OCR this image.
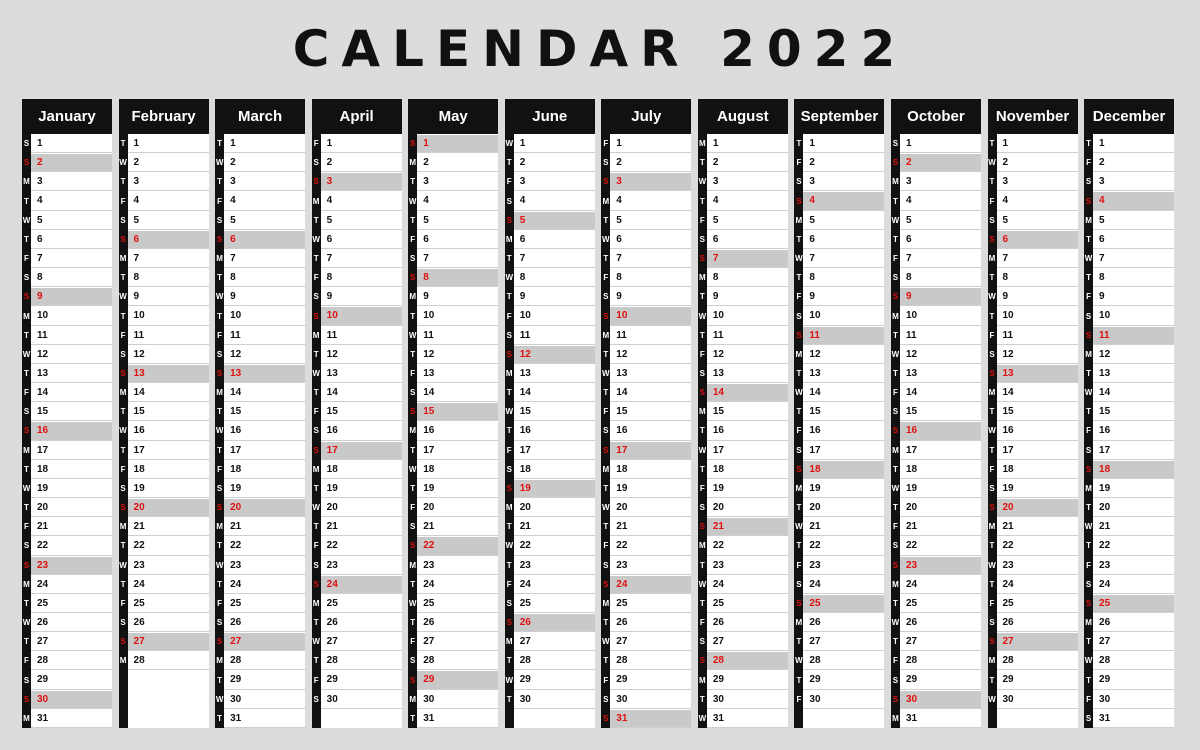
CALENDAR 2022
January
S 1
S 2
M 3
T 4
W 5
T 6
F 7
S 8
S 9
M 10
T 11
W 12
T 13
F 14
S 15
S 16
M 17
T 18
W 19
T 20
F 21
S 22
S 23
M 24
T 25
W 26
T 27
F 28
S 29
S 30
M 31
February
T 1
W 2
T 3
F 4
S 5
S 6
M 7
T 8
W 9
T 10
F 11
S 12
S 13
M 14
T 15
W 16
T 17
F 18
S 19
S 20
M 21
T 22
W 23
T 24
F 25
S 26
S 27
M 28
March
T 1
W 2
T 3
F 4
S 5
S 6
M 7
T 8
W 9
T 10
F 11
S 12
S 13
M 14
T 15
W 16
T 17
F 18
S 19
S 20
M 21
T 22
W 23
T 24
F 25
S 26
S 27
M 28
T 29
W 30
T 31
April
F 1
S 2
S 3
M 4
T 5
W 6
T 7
F 8
S 9
S 10
M 11
T 12
W 13
T 14
F 15
S 16
S 17
M 18
T 19
W 20
T 21
F 22
S 23
S 24
M 25
T 26
W 27
T 28
F 29
S 30
May
S 1
M 2
T 3
W 4
T 5
F 6
S 7
S 8
M 9
T 10
W 11
T 12
F 13
S 14
S 15
M 16
T 17
W 18
T 19
F 20
S 21
S 22
M 23
T 24
W 25
T 26
F 27
S 28
S 29
M 30
T 31
June
W 1
T 2
F 3
S 4
S 5
M 6
T 7
W 8
T 9
F 10
S 11
S 12
M 13
T 14
W 15
T 16
F 17
S 18
S 19
M 20
T 21
W 22
T 23
F 24
S 25
S 26
M 27
T 28
W 29
T 30
July
F 1
S 2
S 3
M 4
T 5
W 6
T 7
F 8
S 9
S 10
M 11
T 12
W 13
T 14
F 15
S 16
S 17
M 18
T 19
W 20
T 21
F 22
S 23
S 24
M 25
T 26
W 27
T 28
F 29
S 30
S 31
August
M 1
T 2
W 3
T 4
F 5
S 6
S 7
M 8
T 9
W 10
T 11
F 12
S 13
S 14
M 15
T 16
W 17
T 18
F 19
S 20
S 21
M 22
T 23
W 24
T 25
F 26
S 27
S 28
M 29
T 30
W 31
September
T 1
F 2
S 3
S 4
M 5
T 6
W 7
T 8
F 9
S 10
S 11
M 12
T 13
W 14
T 15
F 16
S 17
S 18
M 19
T 20
W 21
T 22
F 23
S 24
S 25
M 26
T 27
W 28
T 29
F 30
October
S 1
S 2
M 3
T 4
W 5
T 6
F 7
S 8
S 9
M 10
T 11
W 12
T 13
F 14
S 15
S 16
M 17
T 18
W 19
T 20
F 21
S 22
S 23
M 24
T 25
W 26
T 27
F 28
S 29
S 30
M 31
November
T 1
W 2
T 3
F 4
S 5
S 6
M 7
T 8
W 9
T 10
F 11
S 12
S 13
M 14
T 15
W 16
T 17
F 18
S 19
S 20
M 21
T 22
W 23
T 24
F 25
S 26
S 27
M 28
T 29
W 30
December
T 1
F 2
S 3
S 4
M 5
T 6
W 7
T 8
F 9
S 10
S 11
M 12
T 13
W 14
T 15
F 16
S 17
S 18
M 19
T 20
W 21
T 22
F 23
S 24
S 25
M 26
T 27
W 28
T 29
F 30
S 31
